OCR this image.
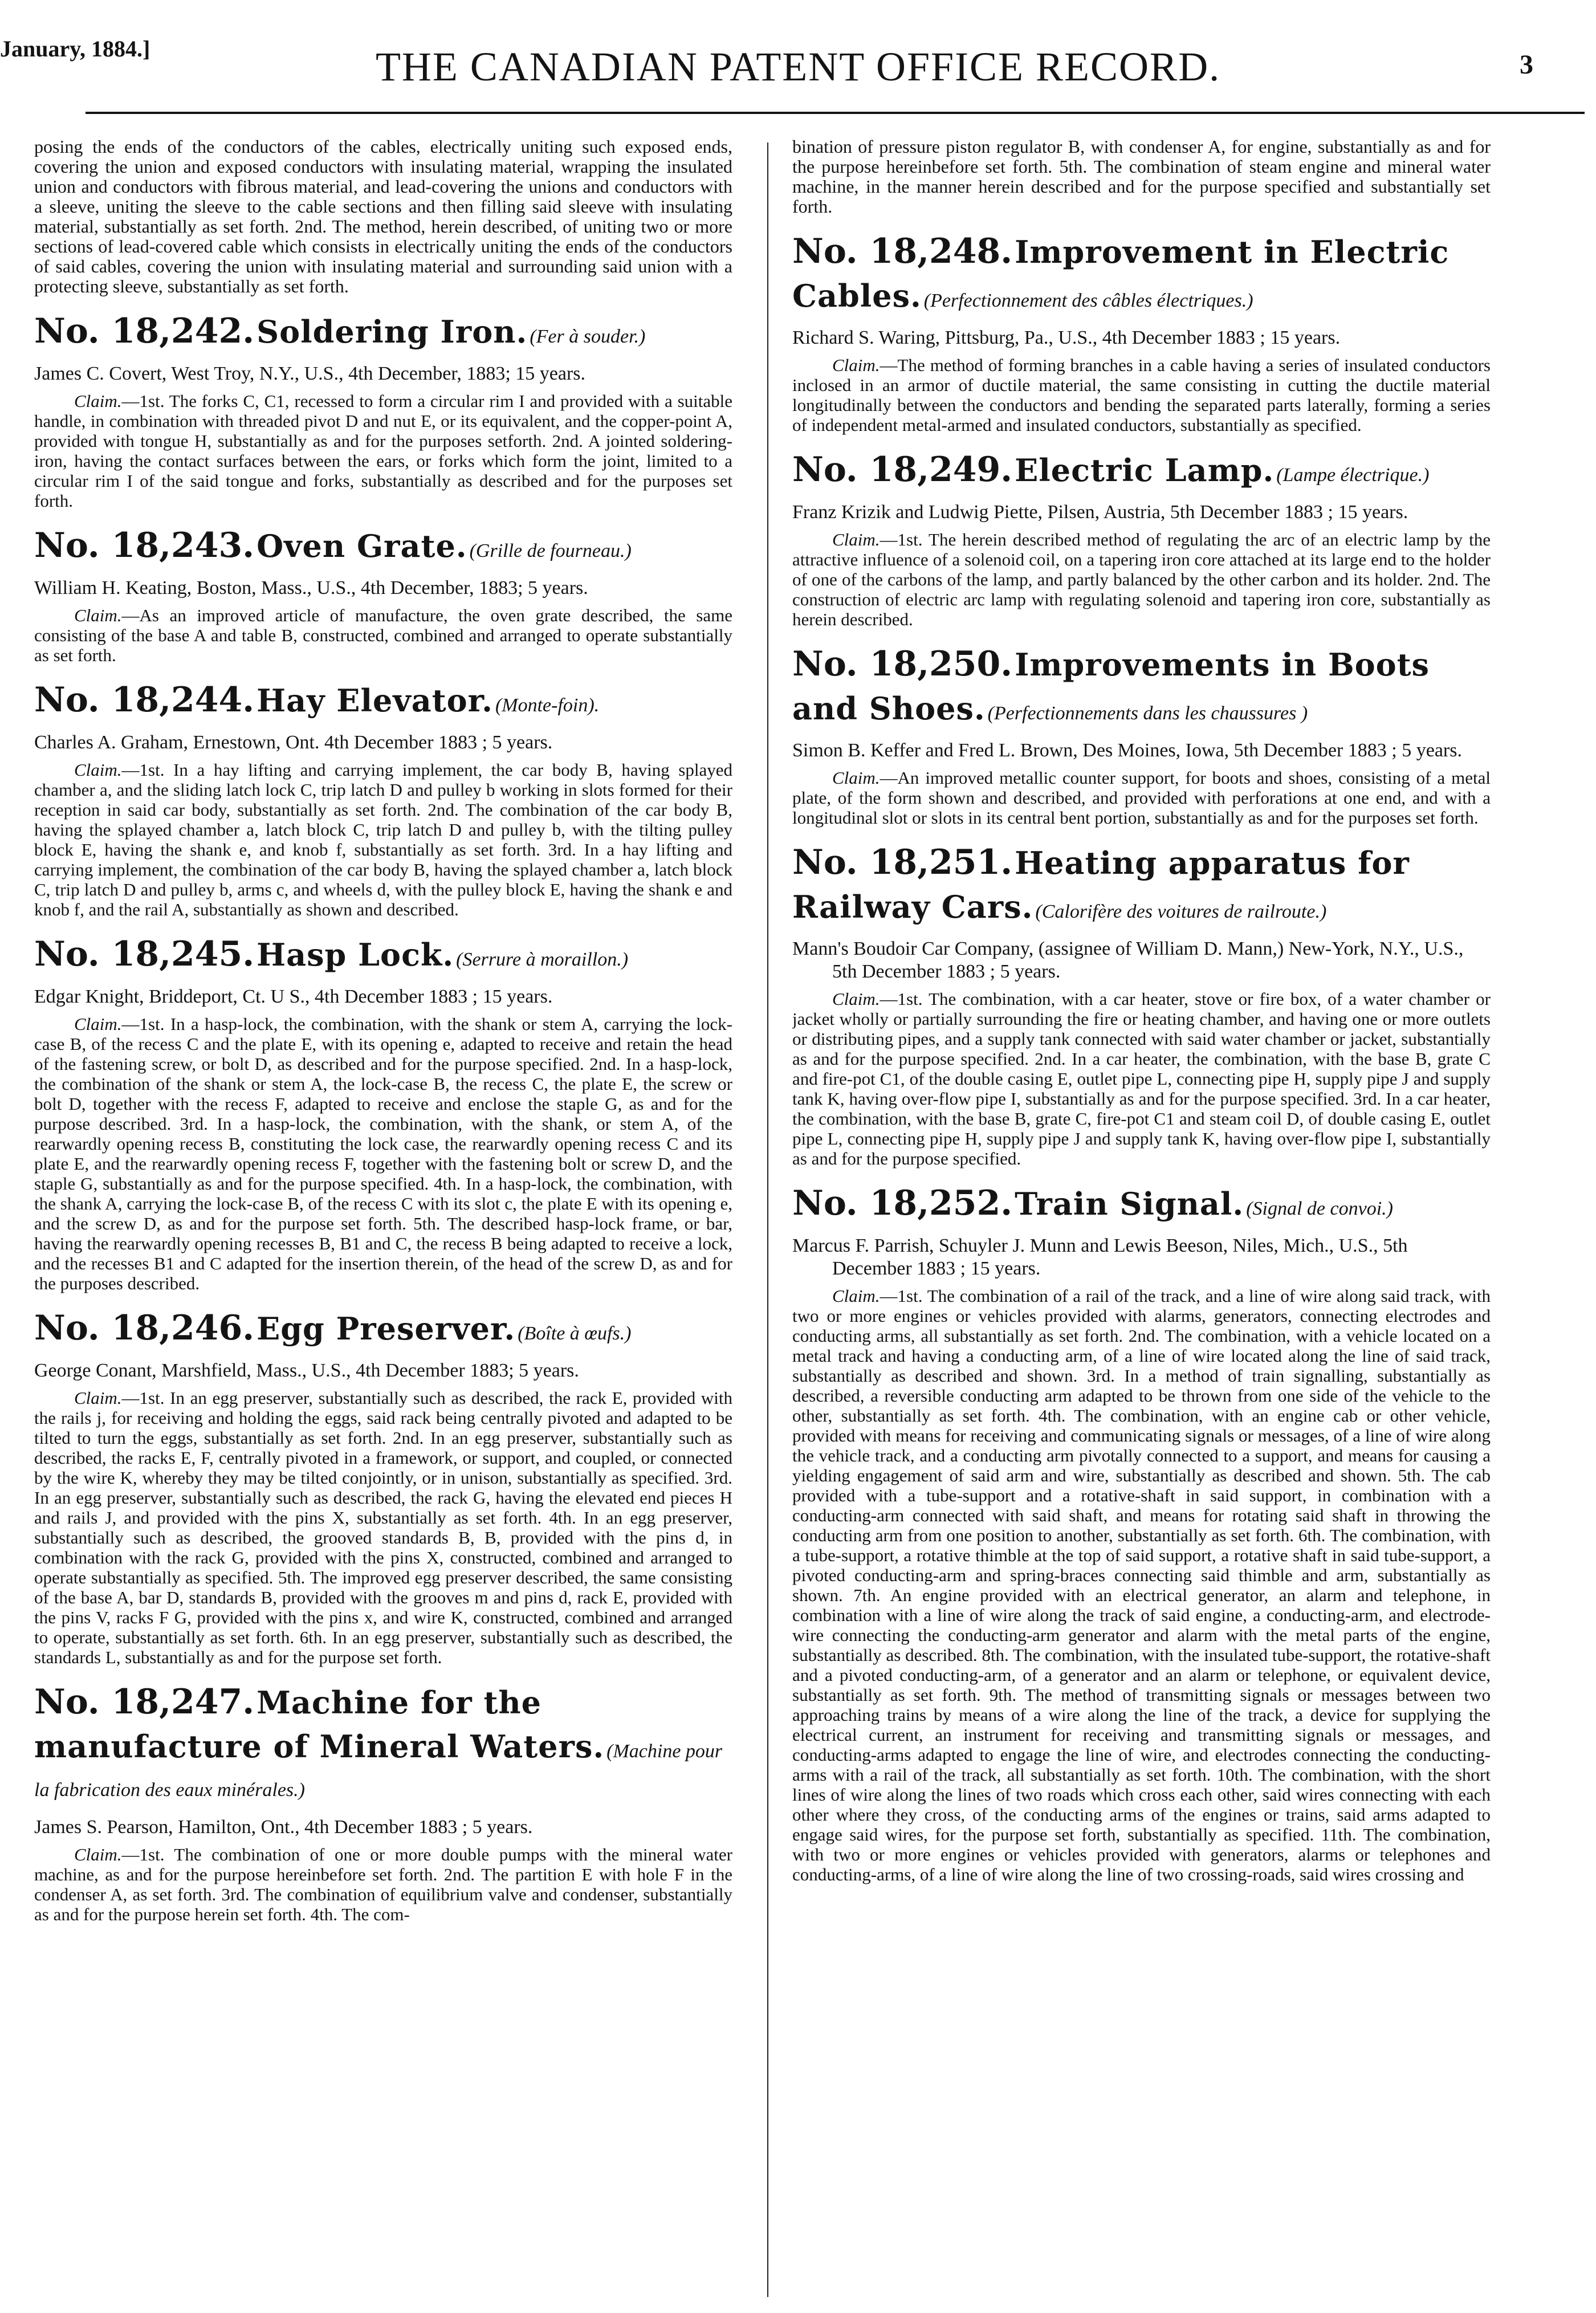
January, 1884.]	THE CANADIAN PATENT OFFICE RECORD.	3

posing the ends of the conductors of the cables, electrically uniting such exposed ends, covering the union and exposed conductors with insulating material, wrapping the insulated union and conductors with fibrous material, and lead-covering the unions and conductors with a sleeve, uniting the sleeve to the cable sections and then filling said sleeve with insulating material, substantially as set forth. 2nd. The method, herein described, of uniting two or more sections of lead-covered cable which consists in electrically uniting the ends of the conductors of said cables, covering the union with insulating material and surrounding said union with a protecting sleeve, substantially as set forth.

No. 18,242. Soldering Iron. (Fer à souder.)

James C. Covert, West Troy, N.Y., U.S., 4th December, 1883; 15 years.

Claim.—1st. The forks C, C1, recessed to form a circular rim I and provided with a suitable handle, in combination with threaded pivot D and nut E, or its equivalent, and the copper-point A, provided with tongue H, substantially as and for the purposes setforth. 2nd. A jointed soldering-iron, having the contact surfaces between the ears, or forks which form the joint, limited to a circular rim I of the said tongue and forks, substantially as described and for the purposes set forth.

No. 18,243. Oven Grate. (Grille de fourneau.)

William H. Keating, Boston, Mass., U.S., 4th December, 1883; 5 years.

Claim.—As an improved article of manufacture, the oven grate described, the same consisting of the base A and table B, constructed, combined and arranged to operate substantially as set forth.

No. 18,244. Hay Elevator. (Monte-foin).

Charles A. Graham, Ernestown, Ont. 4th December 1883 ; 5 years.

Claim.—1st. In a hay lifting and carrying implement, the car body B, having splayed chamber a, and the sliding latch lock C, trip latch D and pulley b working in slots formed for their reception in said car body, substantially as set forth. 2nd. The combination of the car body B, having the splayed chamber a, latch block C, trip latch D and pulley b, with the tilting pulley block E, having the shank e, and knob f, substantially as set forth. 3rd. In a hay lifting and carrying implement, the combination of the car body B, having the splayed chamber a, latch block C, trip latch D and pulley b, arms c, and wheels d, with the pulley block E, having the shank e and knob f, and the rail A, substantially as shown and described.

No. 18,245. Hasp Lock. (Serrure à moraillon.)

Edgar Knight, Briddeport, Ct. U S., 4th December 1883 ; 15 years.

Claim.—1st. In a hasp-lock, the combination, with the shank or stem A, carrying the lock-case B, of the recess C and the plate E, with its opening e, adapted to receive and retain the head of the fastening screw, or bolt D, as described and for the purpose specified. 2nd. In a hasp-lock, the combination of the shank or stem A, the lock-case B, the recess C, the plate E, the screw or bolt D, together with the recess F, adapted to receive and enclose the staple G, as and for the purpose described. 3rd. In a hasp-lock, the combination, with the shank, or stem A, of the rearwardly opening recess B, constituting the lock case, the rearwardly opening recess C and its plate E, and the rearwardly opening recess F, together with the fastening bolt or screw D, and the staple G, substantially as and for the purpose specified. 4th. In a hasp-lock, the combination, with the shank A, carrying the lock-case B, of the recess C with its slot c, the plate E with its opening e, and the screw D, as and for the purpose set forth. 5th. The described hasp-lock frame, or bar, having the rearwardly opening recesses B, B1 and C, the recess B being adapted to receive a lock, and the recesses B1 and C adapted for the insertion therein, of the head of the screw D, as and for the purposes described.

No. 18,246. Egg Preserver. (Boîte à œufs.)

George Conant, Marshfield, Mass., U.S., 4th December 1883; 5 years.

Claim.—1st. In an egg preserver, substantially such as described, the rack E, provided with the rails j, for receiving and holding the eggs, said rack being centrally pivoted and adapted to be tilted to turn the eggs, substantially as set forth. 2nd. In an egg preserver, substantially such as described, the racks E, F, centrally pivoted in a framework, or support, and coupled, or connected by the wire K, whereby they may be tilted conjointly, or in unison, substantially as specified. 3rd. In an egg preserver, substantially such as described, the rack G, having the elevated end pieces H and rails J, and provided with the pins X, substantially as set forth. 4th. In an egg preserver, substantially such as described, the grooved standards B, B, provided with the pins d, in combination with the rack G, provided with the pins X, constructed, combined and arranged to operate substantially as specified. 5th. The improved egg preserver described, the same consisting of the base A, bar D, standards B, provided with the grooves m and pins d, rack E, provided with the pins V, racks F G, provided with the pins x, and wire K, constructed, combined and arranged to operate, substantially as set forth. 6th. In an egg preserver, substantially such as described, the standards L, substantially as and for the purpose set forth.

No. 18,247. Machine for the manufacture of Mineral Waters. (Machine pour la fabrication des eaux minérales.)

James S. Pearson, Hamilton, Ont., 4th December 1883 ; 5 years.

Claim.—1st. The combination of one or more double pumps with the mineral water machine, as and for the purpose hereinbefore set forth. 2nd. The partition E with hole F in the condenser A, as set forth. 3rd. The combination of equilibrium valve and condenser, substantially as and for the purpose herein set forth. 4th. The com-

bination of pressure piston regulator B, with condenser A, for engine, substantially as and for the purpose hereinbefore set forth. 5th. The combination of steam engine and mineral water machine, in the manner herein described and for the purpose specified and substantially set forth.

No. 18,248. Improvement in Electric Cables. (Perfectionnement des câbles électriques.)

Richard S. Waring, Pittsburg, Pa., U.S., 4th December 1883 ; 15 years.

Claim.—The method of forming branches in a cable having a series of insulated conductors inclosed in an armor of ductile material, the same consisting in cutting the ductile material longitudinally between the conductors and bending the separated parts laterally, forming a series of independent metal-armed and insulated conductors, substantially as specified.

No. 18,249. Electric Lamp. (Lampe électrique.)

Franz Krizik and Ludwig Piette, Pilsen, Austria, 5th December 1883 ; 15 years.

Claim.—1st. The herein described method of regulating the arc of an electric lamp by the attractive influence of a solenoid coil, on a tapering iron core attached at its large end to the holder of one of the carbons of the lamp, and partly balanced by the other carbon and its holder. 2nd. The construction of electric arc lamp with regulating solenoid and tapering iron core, substantially as herein described.

No. 18,250. Improvements in Boots and Shoes. (Perfectionnements dans les chaussures )

Simon B. Keffer and Fred L. Brown, Des Moines, Iowa, 5th December 1883 ; 5 years.

Claim.—An improved metallic counter support, for boots and shoes, consisting of a metal plate, of the form shown and described, and provided with perforations at one end, and with a longitudinal slot or slots in its central bent portion, substantially as and for the purposes set forth.

No. 18,251. Heating apparatus for Railway Cars. (Calorifère des voitures de railroute.)

Mann's Boudoir Car Company, (assignee of William D. Mann,) New-York, N.Y., U.S., 5th December 1883 ; 5 years.

Claim.—1st. The combination, with a car heater, stove or fire box, of a water chamber or jacket wholly or partially surrounding the fire or heating chamber, and having one or more outlets or distributing pipes, and a supply tank connected with said water chamber or jacket, substantially as and for the purpose specified. 2nd. In a car heater, the combination, with the base B, grate C and fire-pot C1, of the double casing E, outlet pipe L, connecting pipe H, supply pipe J and supply tank K, having over-flow pipe I, substantially as and for the purpose specified. 3rd. In a car heater, the combination, with the base B, grate C, fire-pot C1 and steam coil D, of double casing E, outlet pipe L, connecting pipe H, supply pipe J and supply tank K, having over-flow pipe I, substantially as and for the purpose specified.

No. 18,252. Train Signal. (Signal de convoi.)

Marcus F. Parrish, Schuyler J. Munn and Lewis Beeson, Niles, Mich., U.S., 5th December 1883 ; 15 years.

Claim.—1st. The combination of a rail of the track, and a line of wire along said track, with two or more engines or vehicles provided with alarms, generators, connecting electrodes and conducting arms, all substantially as set forth. 2nd. The combination, with a vehicle located on a metal track and having a conducting arm, of a line of wire located along the line of said track, substantially as described and shown. 3rd. In a method of train signalling, substantially as described, a reversible conducting arm adapted to be thrown from one side of the vehicle to the other, substantially as set forth. 4th. The combination, with an engine cab or other vehicle, provided with means for receiving and communicating signals or messages, of a line of wire along the vehicle track, and a conducting arm pivotally connected to a support, and means for causing a yielding engagement of said arm and wire, substantially as described and shown. 5th. The cab provided with a tube-support and a rotative-shaft in said support, in combination with a conducting-arm connected with said shaft, and means for rotating said shaft in throwing the conducting arm from one position to another, substantially as set forth. 6th. The combination, with a tube-support, a rotative thimble at the top of said support, a rotative shaft in said tube-support, a pivoted conducting-arm and spring-braces connecting said thimble and arm, substantially as shown. 7th. An engine provided with an electrical generator, an alarm and telephone, in combination with a line of wire along the track of said engine, a conducting-arm, and electrode-wire connecting the conducting-arm generator and alarm with the metal parts of the engine, substantially as described. 8th. The combination, with the insulated tube-support, the rotative-shaft and a pivoted conducting-arm, of a generator and an alarm or telephone, or equivalent device, substantially as set forth. 9th. The method of transmitting signals or messages between two approaching trains by means of a wire along the line of the track, a device for supplying the electrical current, an instrument for receiving and transmitting signals or messages, and conducting-arms adapted to engage the line of wire, and electrodes connecting the conducting-arms with a rail of the track, all substantially as set forth. 10th. The combination, with the short lines of wire along the lines of two roads which cross each other, said wires connecting with each other where they cross, of the conducting arms of the engines or trains, said arms adapted to engage said wires, for the purpose set forth, substantially as specified. 11th. The combination, with two or more engines or vehicles provided with generators, alarms or telephones and conducting-arms, of a line of wire along the line of two crossing-roads, said wires crossing and
